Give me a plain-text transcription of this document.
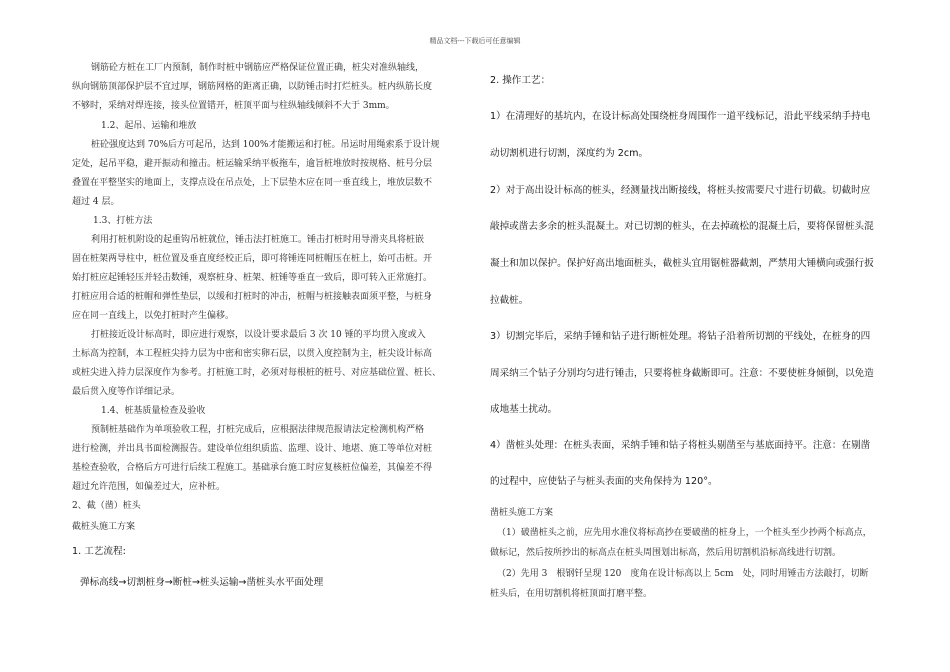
精品文档---下载后可任意编辑
钢筋砼方桩在工厂内预制，制作时桩中钢筋应严格保证位置正确，桩尖对准纵轴线，
纵向钢筋顶部保护层不宜过厚，钢筋网格的距离正确，以防锤击时打烂桩头。桩内纵筋长度
不够时，采纳对焊连接，接头位置错开，桩顶平面与柱纵轴线倾斜不大于 3mm。
1.2、起吊、运输和堆放
桩砼强度达到 70%后方可起吊，达到 100%才能搬运和打桩。吊运时用绳索系于设计规
定处，起吊平稳，避开振动和撞击。桩运输采纳平板拖车，逾旨桩堆放时按规格、桩号分层
叠置在平整坚实的地面上，支撑点设在吊点处，上下层垫木应在同一垂直线上，堆放层数不
超过 4 层。
1.3、打桩方法
利用打桩机附设的起重钩吊桩就位，锤击法打桩施工。锤击打桩时用导滑夹具将桩嵌
固在桩架两导柱中，桩位置及垂直度经校正后，即可将锤连同桩帽压在桩上，始可击桩。开
始打桩应起锤轻压并轻击数锤，观察桩身、桩架、桩锤等垂直一致后，即可转入正常施打。
打桩应用合适的桩帽和弹性垫层，以缓和打桩时的冲击，桩帽与桩接触表面须平整，与桩身
应在同一直线上，以免打桩时产生偏移。
打桩接近设计标高时，即应进行观察，以设计要求最后 3 次 10 锤的平均贯入度或入
土标高为控制，本工程桩尖持力层为中密和密实卵石层，以贯入度控制为主，桩尖设计标高
或桩尖进入持力层深度作为参考。打桩施工时，必须对每根桩的桩号、对应基础位置、桩长、
最后贯入度等作详细记录。
1.4、桩基质量检查及验收
预制桩基础作为单项验收工程，打桩完成后，应根据法律规范报请法定检测机构严格
进行检测，并出具书面检测报告。建设单位组织质监、监理、设计、地堪、施工等单位对桩
基检查验收，合格后方可进行后续工程施工。基础承台施工时应复核桩位偏差，其偏差不得
超过允许范围，如偏差过大，应补桩。
2、截（凿）桩头
截桩头施工方案
1. 工艺流程:
弹标高线→切割桩身→断桩→桩头运输→凿桩头水平面处理
2. 操作工艺：
1）在清理好的基坑内，在设计标高处围绕桩身周围作一道平线标记，沿此平线采纳手持电
动切割机进行切割，深度约为 2cm。
2）对于高出设计标高的桩头，经测量找出断接线，将桩头按需要尺寸进行切截。切截时应
敲掉或凿去多余的桩头混凝土。对已切割的桩头，在去掉疏松的混凝土后，要将保留桩头混
凝土和加以保护。保护好高出地面桩头，截桩头宜用锯桩器截割，严禁用大锤横向或强行扳
拉截桩。
3）切割完毕后，采纳手锤和钻子进行断桩处理。将钻子沿着所切割的平线处，在桩身的四
周采纳三个钻子分别均匀进行锤击，只要将桩身截断即可。注意：不要使桩身倾倒，以免造
成地基土扰动。
4）凿桩头处理：在桩头表面，采纳手锤和钻子将桩头剔凿至与基底面持平。注意：在剔凿
的过程中，应使钻子与桩头表面的夹角保持为 120°。
凿桩头施工方案
（1）破凿桩头之前，应先用水准仪将标高抄在要破凿的桩身上，一个桩头至少抄两个标高点，
做标记，然后按所抄出的标高点在桩头周围划出标高，然后用切割机沿标高线进行切割。
（2）先用 3　根钢钎呈现 120　度角在设计标高以上 5cm　处，同时用锤击方法敲打，切断
桩头后，在用切割机将桩顶面打磨平整。
